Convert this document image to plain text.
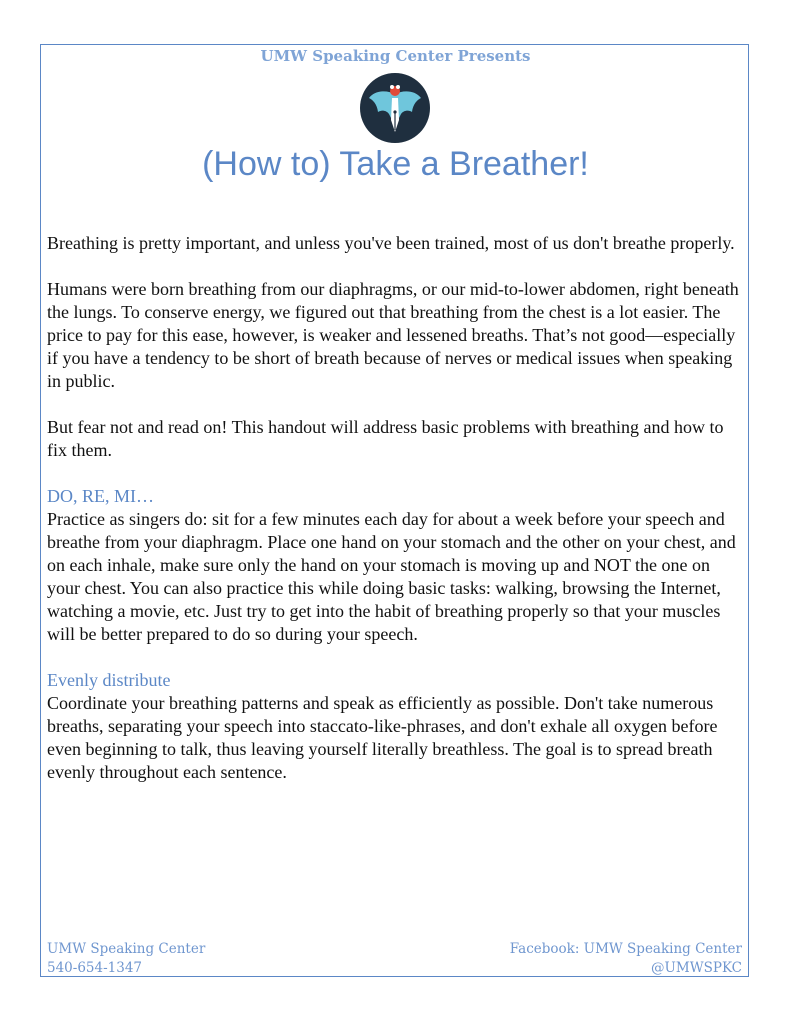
UMW Speaking Center Presents
(How to) Take a Breather!

Breathing is pretty important, and unless you've been trained, most of us don't breathe properly.

Humans were born breathing from our diaphragms, or our mid-to-lower abdomen, right beneath the lungs. To conserve energy, we figured out that breathing from the chest is a lot easier. The price to pay for this ease, however, is weaker and lessened breaths. That’s not good—especially if you have a tendency to be short of breath because of nerves or medical issues when speaking in public.

But fear not and read on! This handout will address basic problems with breathing and how to fix them.

DO, RE, MI…
Practice as singers do: sit for a few minutes each day for about a week before your speech and breathe from your diaphragm. Place one hand on your stomach and the other on your chest, and on each inhale, make sure only the hand on your stomach is moving up and NOT the one on your chest. You can also practice this while doing basic tasks: walking, browsing the Internet, watching a movie, etc. Just try to get into the habit of breathing properly so that your muscles will be better prepared to do so during your speech.
Evenly distribute
Coordinate your breathing patterns and speak as efficiently as possible. Don't take numerous breaths, separating your speech into staccato-like-phrases, and don't exhale all oxygen before even beginning to talk, thus leaving yourself literally breathless. The goal is to spread breath evenly throughout each sentence.
UMW Speaking Center
540-654-1347
Facebook: UMW Speaking Center
@UMWSPKC
